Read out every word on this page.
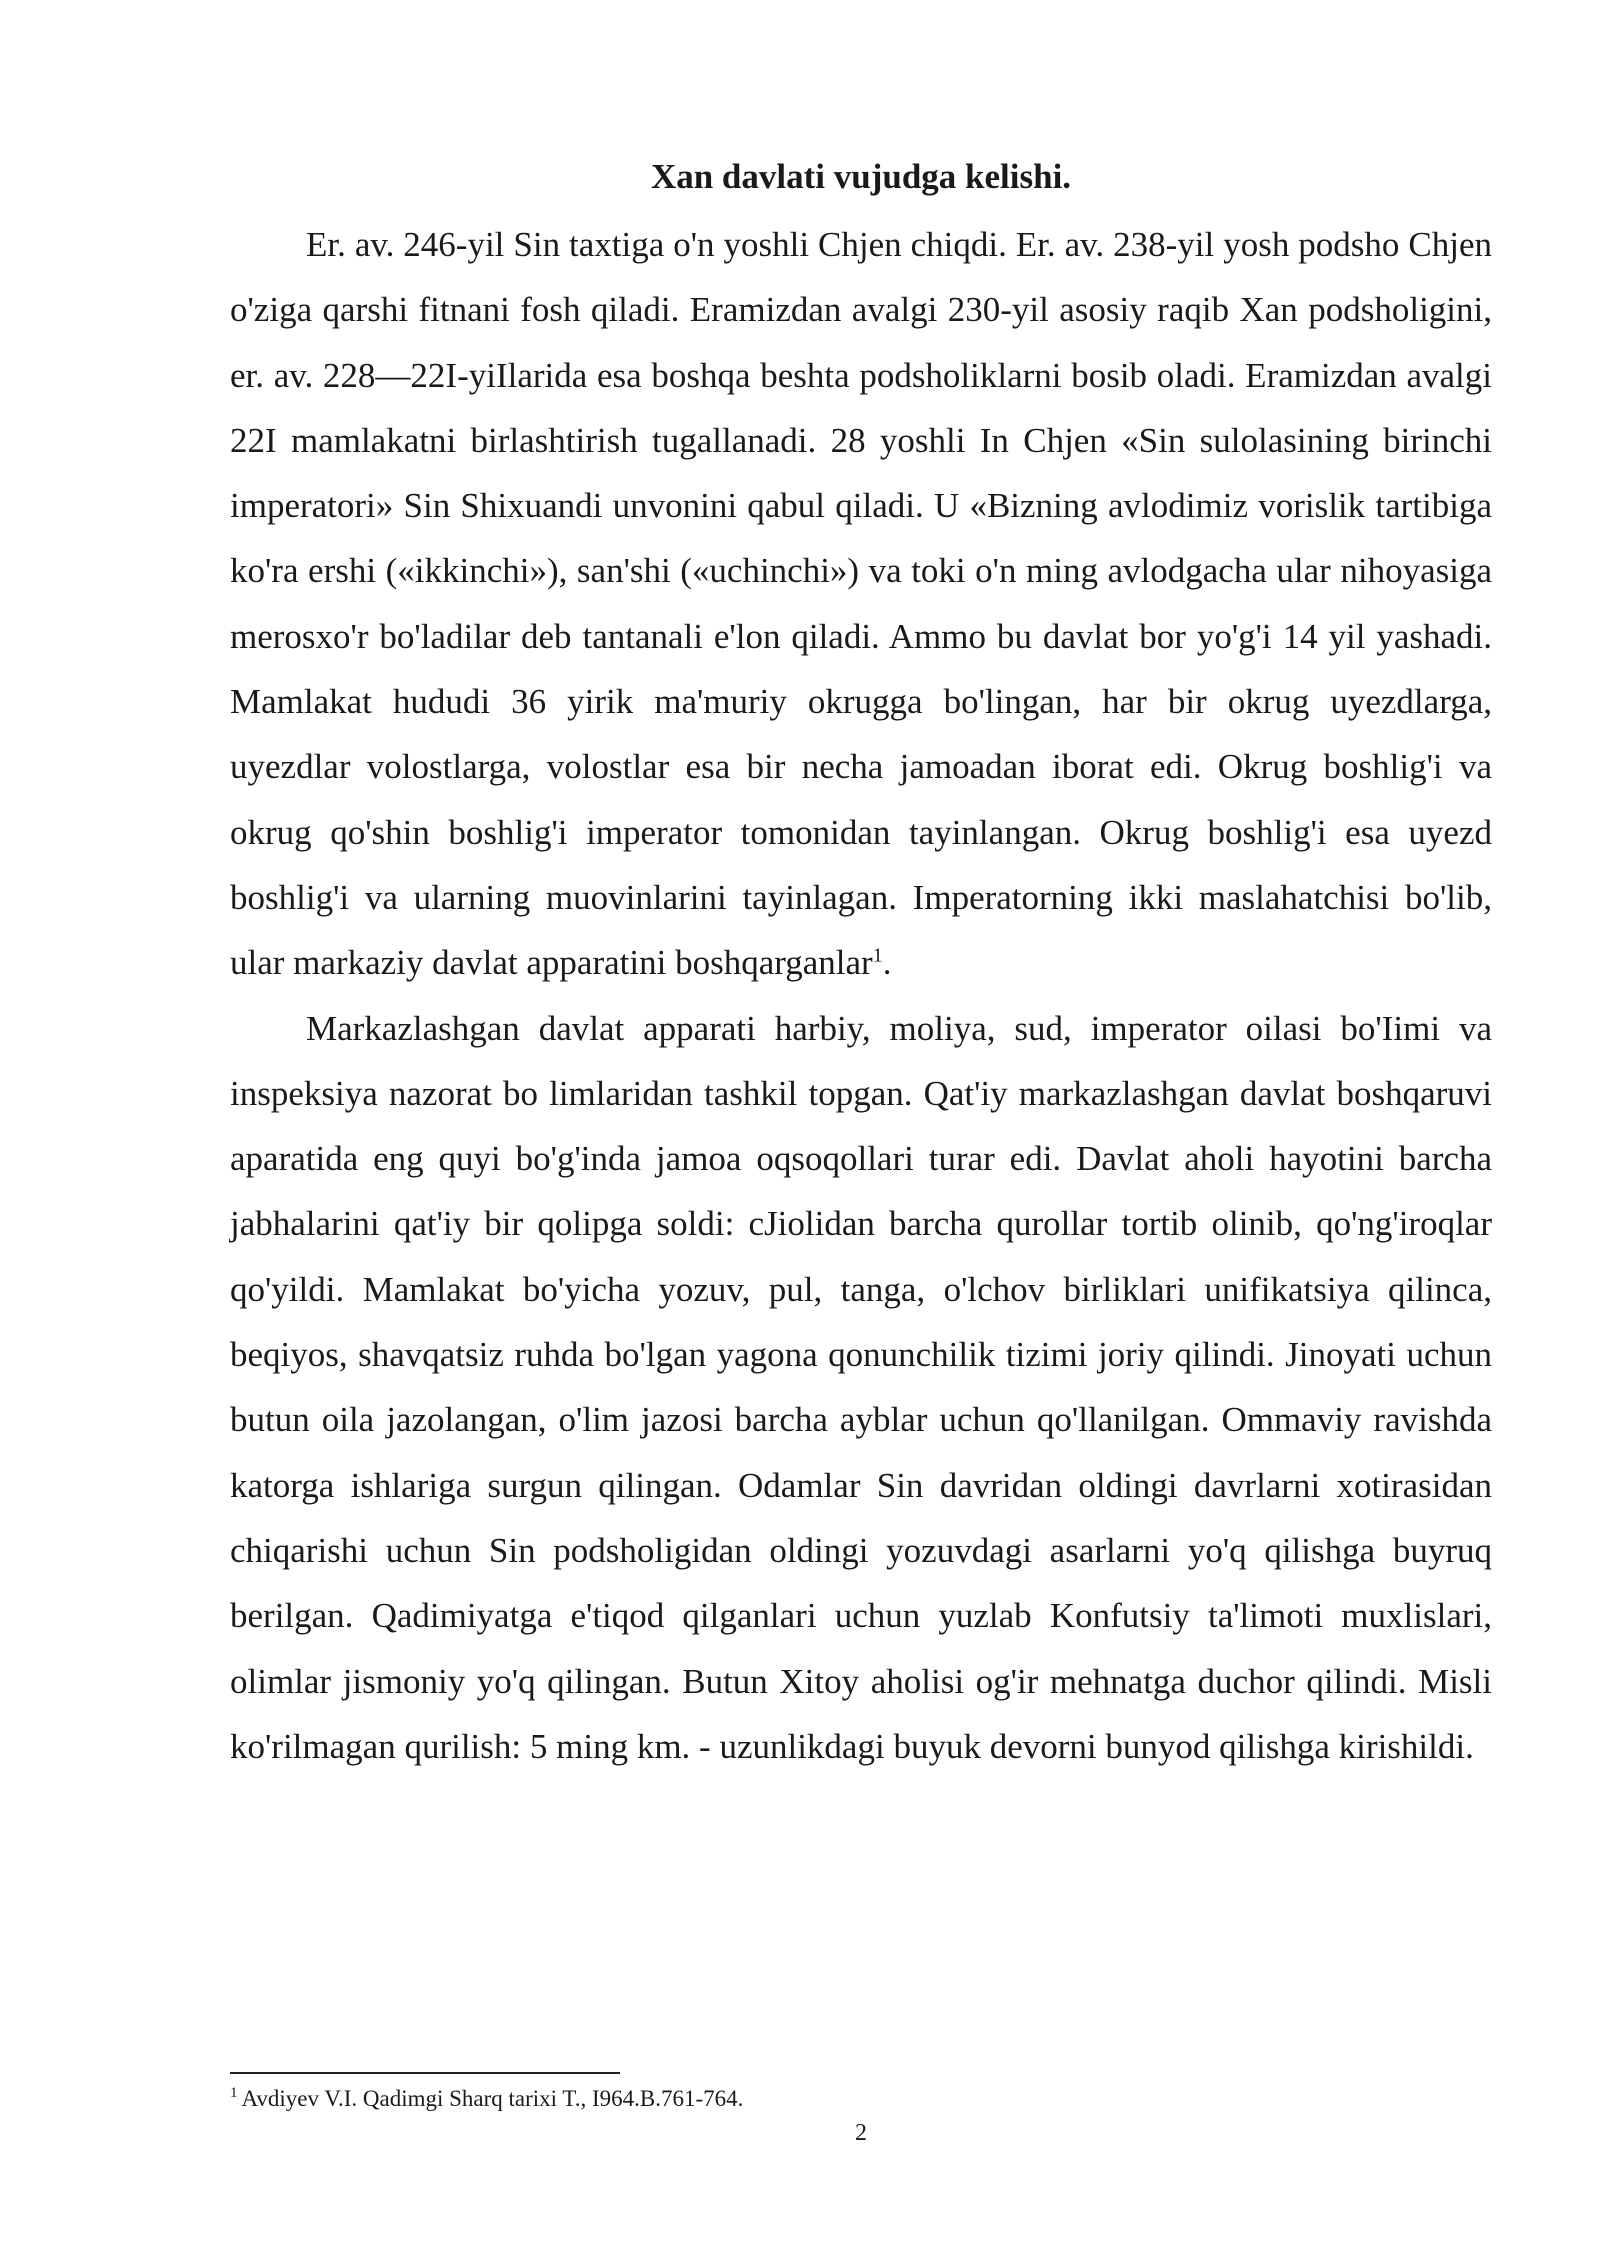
Xan davlati vujudga kelishi.

Er. av. 246-yil Sin taxtiga o'n yoshli Chjen chiqdi. Er. av. 238-yil yosh podsho Chjen o'ziga qarshi fitnani fosh qiladi. Eramizdan avalgi 230-yil asosiy raqib Xan podsholigini, er. av. 228—22I-yiIlarida esa boshqa beshta podsholiklarni bosib oladi. Eramizdan avalgi 22I mamlakatni birlashtirish tugallanadi. 28 yoshli In Chjen «Sin sulolasining birinchi imperatori» Sin Shixuandi unvonini qabul qiladi. U «Bizning avlodimiz vorislik tartibiga ko'ra ershi («ikkinchi»), san'shi («uchinchi») va toki o'n ming avlodgacha ular nihoyasiga merosxo'r bo'ladilar deb tantanali e'lon qiladi. Ammo bu davlat bor yo'g'i 14 yil yashadi. Mamlakat hududi 36 yirik ma'muriy okrugga bo'lingan, har bir okrug uyezdlarga, uyezdlar volostlarga, volostlar esa bir necha jamoadan iborat edi. Okrug boshlig'i va okrug qo'shin boshlig'i imperator tomonidan tayinlangan. Okrug boshlig'i esa uyezd boshlig'i va ularning muovinlarini tayinlagan. Imperatorning ikki maslahatchisi bo'lib, ular markaziy davlat apparatini boshqarganlar$^1$.

Markazlashgan davlat apparati harbiy, moliya, sud, imperator oilasi bo'Iimi va inspeksiya nazorat bo limlaridan tashkil topgan. Qat'iy markazlashgan davlat boshqaruvi aparatida eng quyi bo'g'inda jamoa oqsoqollari turar edi. Davlat aholi hayotini barcha jabhalarini qat'iy bir qolipga soldi: cJiolidan barcha qurollar tortib olinib, qo'ng'iroqlar qo'yildi. Mamlakat bo'yicha yozuv, pul, tanga, o'lchov birliklari unifikatsiya qilinca, beqiyos, shavqatsiz ruhda bo'lgan yagona qonunchilik tizimi joriy qilindi. Jinoyati uchun butun oila jazolangan, o'lim jazosi barcha ayblar uchun qo'llanilgan. Ommaviy ravishda katorga ishlariga surgun qilingan. Odamlar Sin davridan oldingi davrlarni xotirasidan chiqarishi uchun Sin podsholigidan oldingi yozuvdagi asarlarni yo'q qilishga buyruq berilgan. Qadimiyatga e'tiqod qilganlari uchun yuzlab Konfutsiy ta'limoti muxlislari, olimlar jismoniy yo'q qilingan. Butun Xitoy aholisi og'ir mehnatga duchor qilindi. Misli ko'rilmagan qurilish: 5 ming km. - uzunlikdagi buyuk devorni bunyod qilishga kirishildi.

$^1$ Avdiyev V.I. Qadimgi Sharq tarixi T., I964.B.761-764.
2
